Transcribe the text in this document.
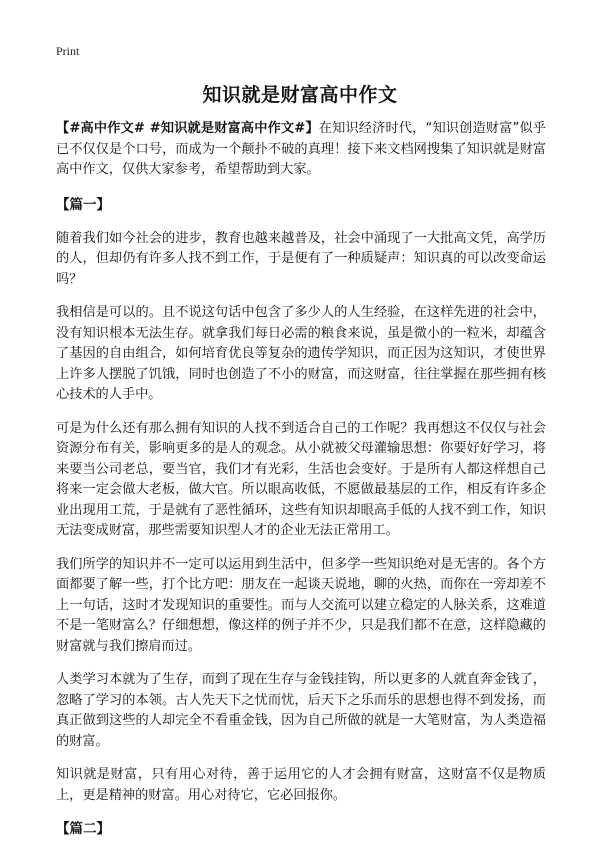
Print
知识就是财富高中作文

【#高中作文# #知识就是财富高中作文#】在知识经济时代，“知识创造财富”似乎已不仅仅是个口号，而成为一个颠扑不破的真理！接下来文档网搜集了知识就是财富高中作文，仅供大家参考，希望帮助到大家。

【篇一】

随着我们如今社会的进步，教育也越来越普及，社会中涌现了一大批高文凭，高学历的人，但却仍有许多人找不到工作，于是便有了一种质疑声：知识真的可以改变命运吗？

我相信是可以的。且不说这句话中包含了多少人的人生经验，在这样先进的社会中，没有知识根本无法生存。就拿我们每日必需的粮食来说，虽是微小的一粒米，却蕴含了基因的自由组合，如何培育优良等复杂的遗传学知识，而正因为这知识，才使世界上许多人摆脱了饥饿，同时也创造了不小的财富，而这财富，往往掌握在那些拥有核心技术的人手中。

可是为什么还有那么拥有知识的人找不到适合自己的工作呢？我再想这不仅仅与社会资源分布有关，影响更多的是人的观念。从小就被父母灌输思想：你要好好学习，将来要当公司老总，要当官，我们才有光彩，生活也会变好。于是所有人都这样想自己将来一定会做大老板，做大官。所以眼高收低，不愿做最基层的工作，相反有许多企业出现用工荒，于是就有了恶性循环，这些有知识却眼高手低的人找不到工作，知识无法变成财富，那些需要知识型人才的企业无法正常用工。

我们所学的知识并不一定可以运用到生活中，但多学一些知识绝对是无害的。各个方面都要了解一些，打个比方吧：朋友在一起谈天说地，聊的火热，而你在一旁却差不上一句话，这时才发现知识的重要性。而与人交流可以建立稳定的人脉关系，这难道不是一笔财富么？仔细想想，像这样的例子并不少，只是我们都不在意，这样隐藏的财富就与我们擦肩而过。

人类学习本就为了生存，而到了现在生存与金钱挂钩，所以更多的人就直奔金钱了，忽略了学习的本领。古人先天下之忧而忧，后天下之乐而乐的思想也得不到发扬，而真正做到这些的人却完全不看重金钱，因为自己所做的就是一大笔财富，为人类造福的财富。

知识就是财富，只有用心对待，善于运用它的人才会拥有财富，这财富不仅是物质上，更是精神的财富。用心对待它，它必回报你。

【篇二】
